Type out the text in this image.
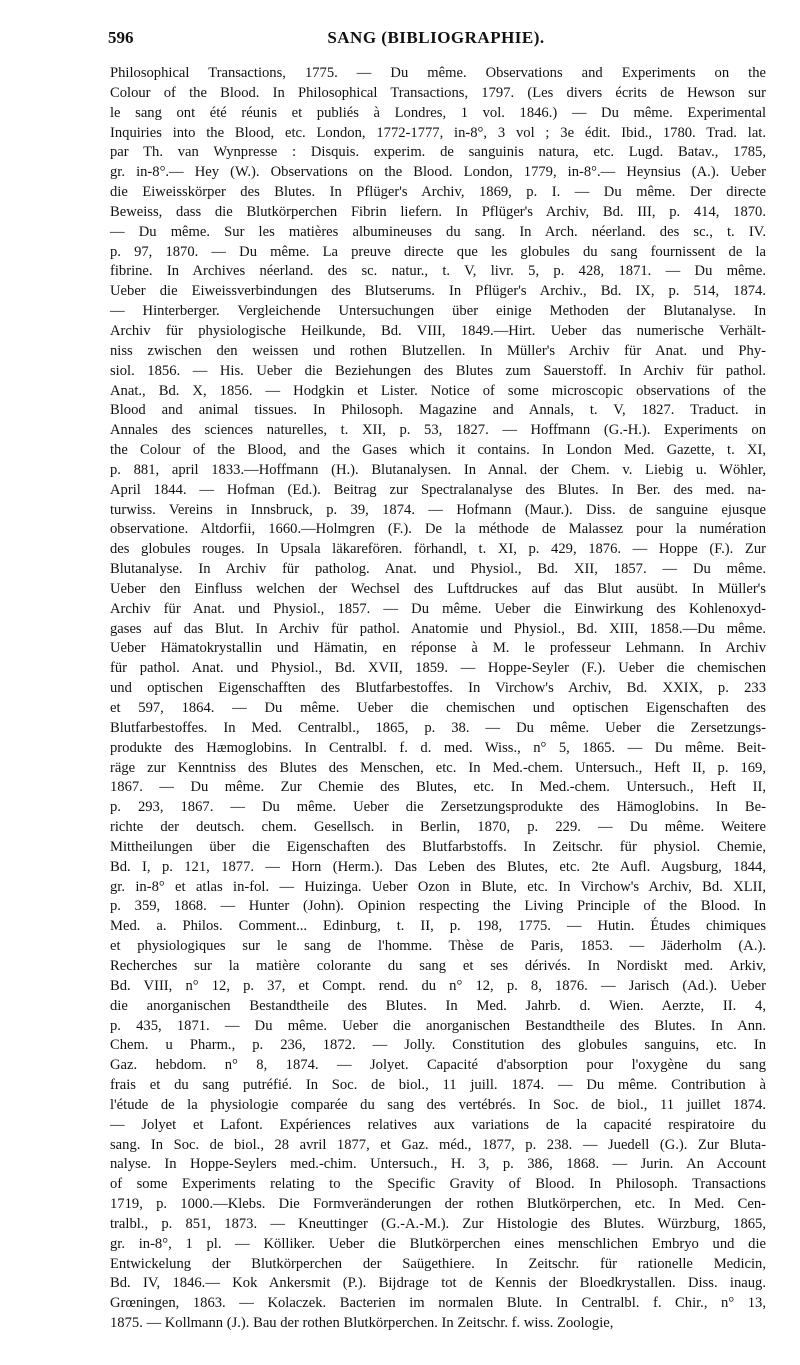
596	SANG (BIBLIOGRAPHIE).
Philosophical Transactions, 1775. — Du même. Observations and Experiments on the
Colour of the Blood. In Philosophical Transactions, 1797. (Les divers écrits de Hewson sur
le sang ont été réunis et publiés à Londres, 1 vol. 1846.) — Du même. Experimental
Inquiries into the Blood, etc. London, 1772-1777, in-8°, 3 vol ; 3e édit. Ibid., 1780. Trad. lat.
par Th. van Wynpresse : Disquis. experim. de sanguinis natura, etc. Lugd. Batav., 1785,
gr. in-8°.— Hey (W.). Observations on the Blood. London, 1779, in-8°.— Heynsius (A.). Ueber
die Eiweisskörper des Blutes. In Pflüger's Archiv, 1869, p. I. — Du même. Der directe
Beweiss, dass die Blutkörperchen Fibrin liefern. In Pflüger's Archiv, Bd. III, p. 414, 1870.
— Du même. Sur les matières albumineuses du sang. In Arch. néerland. des sc., t. IV.
p. 97, 1870. — Du même. La preuve directe que les globules du sang fournissent de la
fibrine. In Archives néerland. des sc. natur., t. V, livr. 5, p. 428, 1871. — Du même.
Ueber die Eiweissverbindungen des Blutserums. In Pflüger's Archiv., Bd. IX, p. 514, 1874.
— Hinterberger. Vergleichende Untersuchungen über einige Methoden der Blutanalyse. In
Archiv für physiologische Heilkunde, Bd. VIII, 1849.—Hirt. Ueber das numerische Verhält-
niss zwischen den weissen und rothen Blutzellen. In Müller's Archiv für Anat. und Phy-
siol. 1856. — His. Ueber die Beziehungen des Blutes zum Sauerstoff. In Archiv für pathol.
Anat., Bd. X, 1856. — Hodgkin et Lister. Notice of some microscopic observations of the
Blood and animal tissues. In Philosoph. Magazine and Annals, t. V, 1827. Traduct. in
Annales des sciences naturelles, t. XII, p. 53, 1827. — Hoffmann (G.-H.). Experiments on
the Colour of the Blood, and the Gases which it contains. In London Med. Gazette, t. XI,
p. 881, april 1833.—Hoffmann (H.). Blutanalysen. In Annal. der Chem. v. Liebig u. Wöhler,
April 1844. — Hofman (Ed.). Beitrag zur Spectralanalyse des Blutes. In Ber. des med. na-
turwiss. Vereins in Innsbruck, p. 39, 1874. — Hofmann (Maur.). Diss. de sanguine ejusque
observatione. Altdorfii, 1660.—Holmgren (F.). De la méthode de Malassez pour la numération
des globules rouges. In Upsala läkarefören. förhandl, t. XI, p. 429, 1876. — Hoppe (F.). Zur
Blutanalyse. In Archiv für patholog. Anat. und Physiol., Bd. XII, 1857. — Du même.
Ueber den Einfluss welchen der Wechsel des Luftdruckes auf das Blut ausübt. In Müller's
Archiv für Anat. und Physiol., 1857. — Du même. Ueber die Einwirkung des Kohlenoxyd-
gases auf das Blut. In Archiv für pathol. Anatomie und Physiol., Bd. XIII, 1858.—Du même.
Ueber Hämatokrystallin und Hämatin, en réponse à M. le professeur Lehmann. In Archiv
für pathol. Anat. und Physiol., Bd. XVII, 1859. — Hoppe-Seyler (F.). Ueber die chemischen
und optischen Eigenschafften des Blutfarbestoffes. In Virchow's Archiv, Bd. XXIX, p. 233
et 597, 1864. — Du même. Ueber die chemischen und optischen Eigenschaften des
Blutfarbestoffes. In Med. Centralbl., 1865, p. 38. — Du même. Ueber die Zersetzungs-
produkte des Hæmoglobins. In Centralbl. f. d. med. Wiss., n° 5, 1865. — Du même. Beit-
räge zur Kenntniss des Blutes des Menschen, etc. In Med.-chem. Untersuch., Heft II, p. 169,
1867. — Du même. Zur Chemie des Blutes, etc. In Med.-chem. Untersuch., Heft II,
p. 293, 1867. — Du même. Ueber die Zersetzungsprodukte des Hämoglobins. In Be-
richte der deutsch. chem. Gesellsch. in Berlin, 1870, p. 229. — Du même. Weitere
Mittheilungen über die Eigenschaften des Blutfarbstoffs. In Zeitschr. für physiol. Chemie,
Bd. I, p. 121, 1877. — Horn (Herm.). Das Leben des Blutes, etc. 2te Aufl. Augsburg, 1844,
gr. in-8° et atlas in-fol. — Huizinga. Ueber Ozon in Blute, etc. In Virchow's Archiv, Bd. XLII,
p. 359, 1868. — Hunter (John). Opinion respecting the Living Principle of the Blood. In
Med. a. Philos. Comment... Edinburg, t. II, p. 198, 1775. — Hutin. Études chimiques
et physiologiques sur le sang de l'homme. Thèse de Paris, 1853. — Jäderholm (A.).
Recherches sur la matière colorante du sang et ses dérivés. In Nordiskt med. Arkiv,
Bd. VIII, n° 12, p. 37, et Compt. rend. du n° 12, p. 8, 1876. — Jarisch (Ad.). Ueber
die anorganischen Bestandtheile des Blutes. In Med. Jahrb. d. Wien. Aerzte, II. 4,
p. 435, 1871. — Du même. Ueber die anorganischen Bestandtheile des Blutes. In Ann.
Chem. u Pharm., p. 236, 1872. — Jolly. Constitution des globules sanguins, etc. In
Gaz. hebdom. n° 8, 1874. — Jolyet. Capacité d'absorption pour l'oxygène du sang
frais et du sang putréfié. In Soc. de biol., 11 juill. 1874. — Du même. Contribution à
l'étude de la physiologie comparée du sang des vertébrés. In Soc. de biol., 11 juillet 1874.
— Jolyet et Lafont. Expériences relatives aux variations de la capacité respiratoire du
sang. In Soc. de biol., 28 avril 1877, et Gaz. méd., 1877, p. 238. — Juedell (G.). Zur Bluta-
nalyse. In Hoppe-Seylers med.-chim. Untersuch., H. 3, p. 386, 1868. — Jurin. An Account
of some Experiments relating to the Specific Gravity of Blood. In Philosoph. Transactions
1719, p. 1000.—Klebs. Die Formveränderungen der rothen Blutkörperchen, etc. In Med. Cen-
tralbl., p. 851, 1873. — Kneuttinger (G.-A.-M.). Zur Histologie des Blutes. Würzburg, 1865,
gr. in-8°, 1 pl. — Kölliker. Ueber die Blutkörperchen eines menschlichen Embryo und die
Entwickelung der Blutkörperchen der Saügethiere. In Zeitschr. für rationelle Medicin,
Bd. IV, 1846.— Kok Ankersmit (P.). Bijdrage tot de Kennis der Bloedkrystallen. Diss. inaug.
Grœningen, 1863. — Kolaczek. Bacterien im normalen Blute. In Centralbl. f. Chir., n° 13,
1875. — Kollmann (J.). Bau der rothen Blutkörperchen. In Zeitschr. f. wiss. Zoologie,
